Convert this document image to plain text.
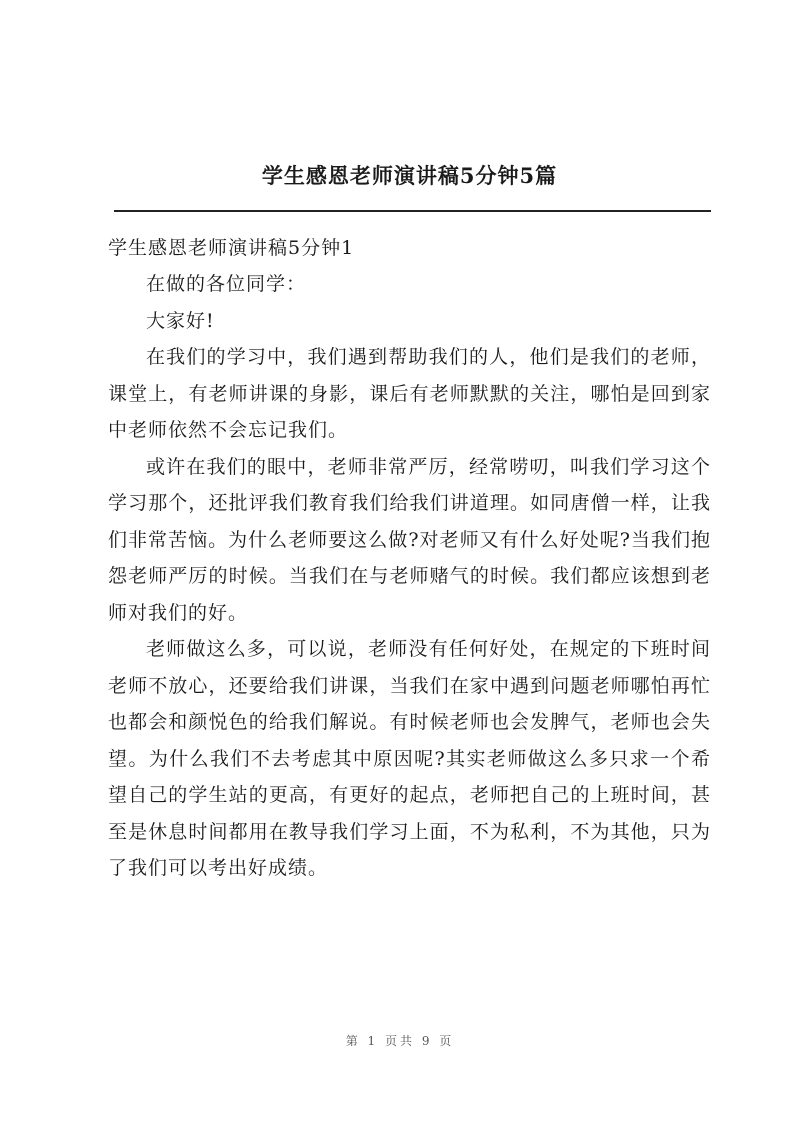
学生感恩老师演讲稿5分钟5篇

学生感恩老师演讲稿5分钟1

在做的各位同学：

大家好!

在我们的学习中，我们遇到帮助我们的人，他们是我们的老师，课堂上，有老师讲课的身影，课后有老师默默的关注，哪怕是回到家中老师依然不会忘记我们。

或许在我们的眼中，老师非常严厉，经常唠叨，叫我们学习这个学习那个，还批评我们教育我们给我们讲道理。如同唐僧一样，让我们非常苦恼。为什么老师要这么做?对老师又有什么好处呢?当我们抱怨老师严厉的时候。当我们在与老师赌气的时候。我们都应该想到老师对我们的好。

老师做这么多，可以说，老师没有任何好处，在规定的下班时间老师不放心，还要给我们讲课，当我们在家中遇到问题老师哪怕再忙也都会和颜悦色的给我们解说。有时候老师也会发脾气，老师也会失望。为什么我们不去考虑其中原因呢?其实老师做这么多只求一个希望自己的学生站的更高，有更好的起点，老师把自己的上班时间，甚至是休息时间都用在教导我们学习上面，不为私利，不为其他，只为了我们可以考出好成绩。

第 1 页共 9 页
